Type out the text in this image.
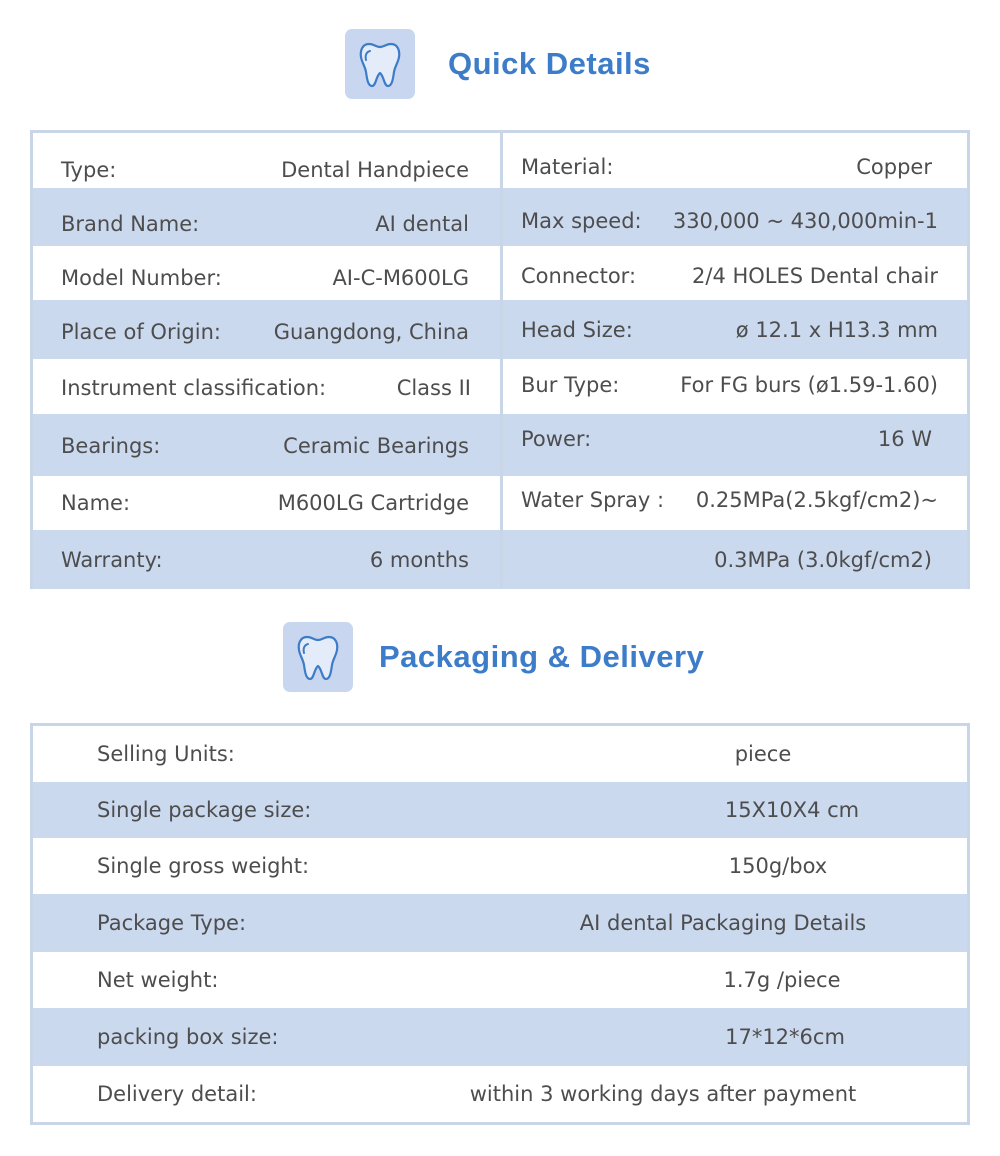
Quick Details
Type:	Dental Handpiece
Brand Name:	AI dental
Model Number:	AI-C-M600LG
Place of Origin:	Guangdong, China
Instrument classification:	Class II
Bearings:	Ceramic Bearings
Name:	M600LG Cartridge
Warranty:	6 months
Material:	Copper
Max speed: 330,000 ~ 430,000min-1
Connector:	2/4 HOLES Dental chair
Head Size:	ø 12.1 x H13.3 mm
Bur Type:	For FG burs (ø1.59-1.60)
Power:	16 W
Water Spray : 0.25MPa(2.5kgf/cm2)~
0.3MPa (3.0kgf/cm2)
Packaging & Delivery
Selling Units:	piece
Single package size:	15X10X4 cm
Single gross weight:	150g/box
Package Type:	AI dental Packaging Details
Net weight:	1.7g /piece
packing box size:	17*12*6cm
Delivery detail:	within 3 working days after payment
